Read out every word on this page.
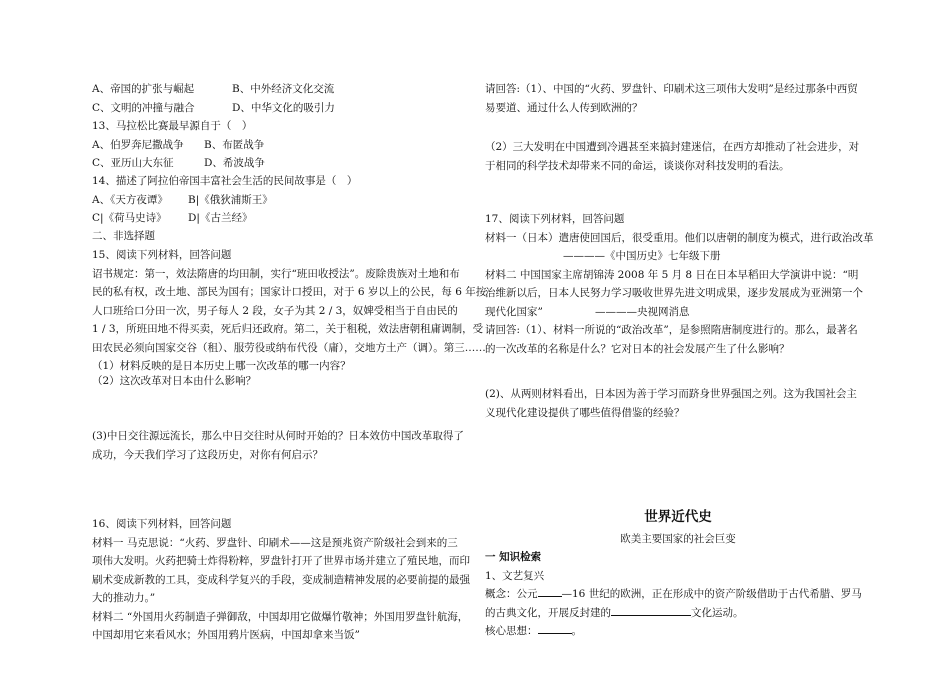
A、帝国的扩张与崛起	B、中外经济文化交流
C、文明的冲撞与融合	D、中华文化的吸引力
13、马拉松比赛最早源自于（　）
A、伯罗奔尼撒战争 B、布匿战争
C、亚历山大东征	D、希波战争
14、描述了阿拉伯帝国丰富社会生活的民间故事是（　）
A、《天方夜谭》 B|《俄狄浦斯王》
C|《荷马史诗》 D|《古兰经》
二、非选择题
15、阅读下列材料，回答问题
诏书规定：第一，效法隋唐的均田制，实行“班田收授法”。废除贵族对土地和布
民的私有权，改土地、部民为国有；国家计口授田，对于 6 岁以上的公民，每 6 年按
人口班给口分田一次，男子每人 2 段，女子为其 2 / 3，奴婢受相当于自由民的
1 / 3，所班田地不得买卖，死后归还政府。第二，关于租税，效法唐朝租庸调制，受
田农民必须向国家交谷（租）、服劳役或纳布代役（庸），交地方土产（调）。第三……
（1）材料反映的是日本历史上哪一次改革的哪一内容？
（2）这次改革对日本由什么影响？
(3)中日交往源远流长，那么中日交往时从何时开始的？日本效仿中国改革取得了
成功，今天我们学习了这段历史，对你有何启示？
16、阅读下列材料，回答问题
材料一 马克思说：“火药、罗盘针、印刷术——这是预兆资产阶级社会到来的三
项伟大发明。火药把骑士炸得粉粹，罗盘针打开了世界市场并建立了殖民地，而印
刷术变成新教的工具，变成科学复兴的手段，变成制造精神发展的必要前提的最强
大的推动力。”
材料二 “外国用火药制造子弹御敌，中国却用它做爆竹敬神；外国用罗盘针航海，
中国却用它来看风水；外国用鸦片医病，中国却拿来当饭”
请回答:（1）、中国的“火药、罗盘针、印刷术这三项伟大发明”是经过那条中西贸
易要道、通过什么人传到欧洲的？
（2）三大发明在中国遭到冷遇甚至来搞封建迷信，在西方却推动了社会进步，对
于相同的科学技术却带来不同的命运，谈谈你对科技发明的看法。
17、阅读下列材料，回答问题
材料一（日本）遣唐使回国后，很受重用。他们以唐朝的制度为模式，进行政治改革
————《中国历史》七年级下册
材料二 中国国家主席胡锦涛 2008 年 5 月 8 日在日本早稻田大学演讲中说：“明
治维新以后，日本人民努力学习吸收世界先进文明成果，逐步发展成为亚洲第一个
现代化国家”	————央视网消息
请回答:（1）、材料一所说的“政治改革”，是参照隋唐制度进行的。那么，最著名
的一次改革的名称是什么？它对日本的社会发展产生了什么影响？
(2)、从两则材料看出，日本因为善于学习而跻身世界强国之列。这为我国社会主
义现代化建设提供了哪些值得借鉴的经验？
世界近代史
欧美主要国家的社会巨变
一 知识检索
1、文艺复兴
概念：公元 —16 世纪的欧洲，正在形成中的资产阶级借助于古代希腊、罗马
的古典文化，开展反封建的	文化运动。
核心思想：	。
